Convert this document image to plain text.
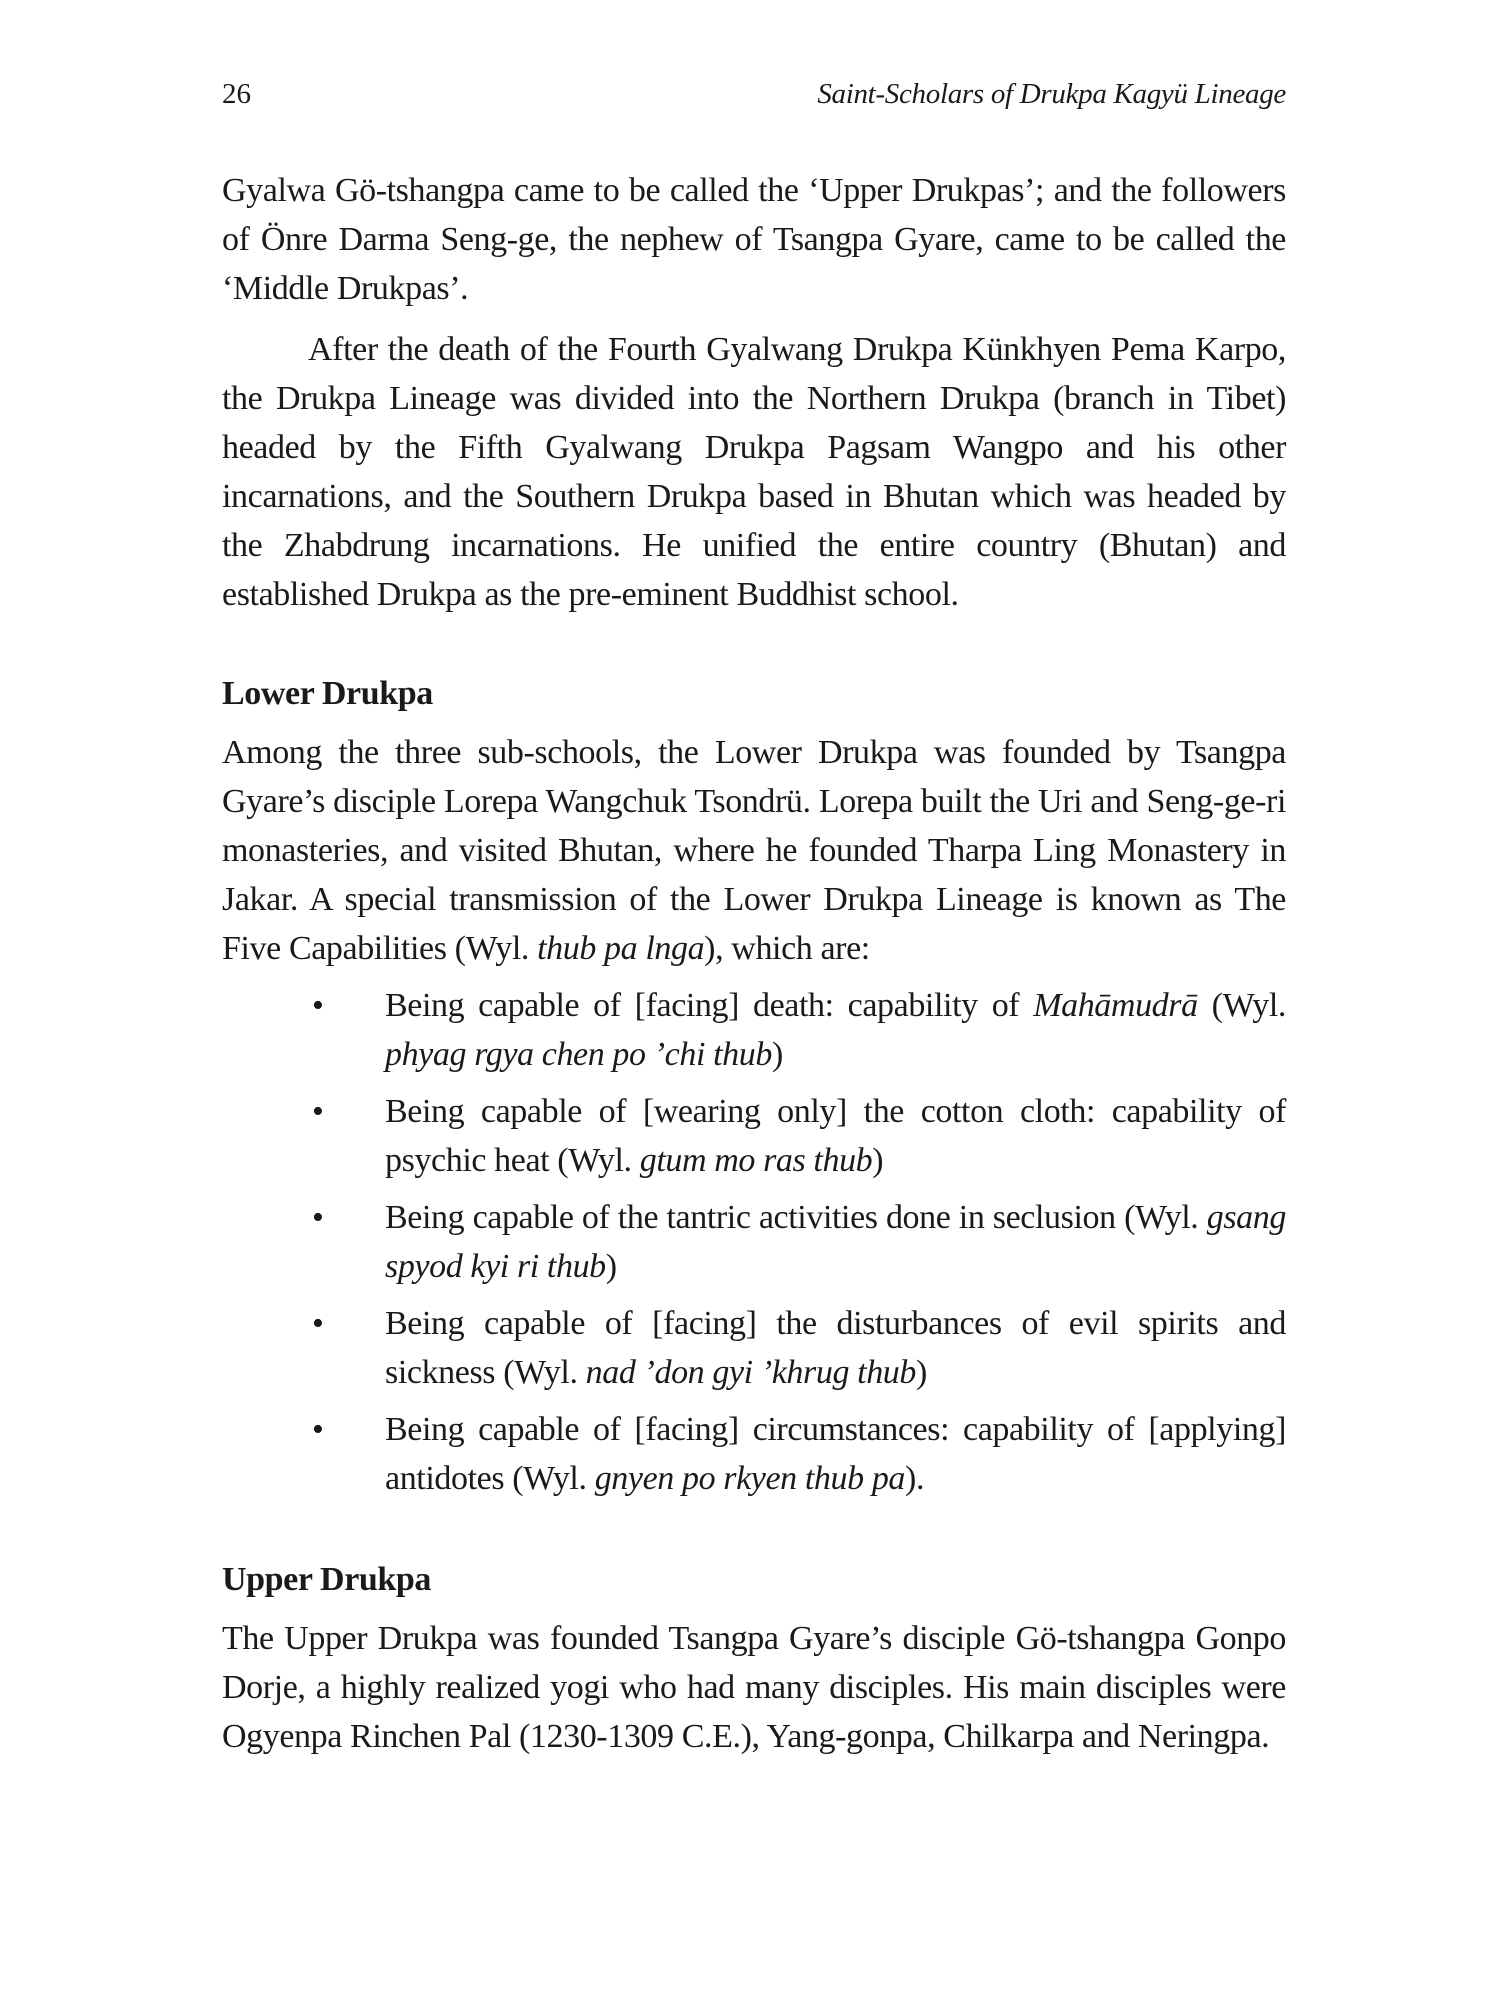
26	Saint-Scholars of Drukpa Kagyü Lineage

Gyalwa Gö-tshangpa came to be called the ‘Upper Drukpas’; and the followers of Önre Darma Seng-ge, the nephew of Tsangpa Gyare, came to be called the ‘Middle Drukpas’.

After the death of the Fourth Gyalwang Drukpa Künkhyen Pema Karpo, the Drukpa Lineage was divided into the Northern Drukpa (branch in Tibet) headed by the Fifth Gyalwang Drukpa Pagsam Wangpo and his other incarnations, and the Southern Drukpa based in Bhutan which was headed by the Zhabdrung incarnations. He unified the entire country (Bhutan) and established Drukpa as the pre-eminent Buddhist school.

Lower Drukpa

Among the three sub-schools, the Lower Drukpa was founded by Tsangpa Gyare’s disciple Lorepa Wangchuk Tsondrü. Lorepa built the Uri and Seng-ge-ri monasteries, and visited Bhutan, where he founded Tharpa Ling Monastery in Jakar. A special transmission of the Lower Drukpa Lineage is known as The Five Capabilities (Wyl. thub pa lnga), which are:

• Being capable of [facing] death: capability of Mahāmudrā (Wyl. phyag rgya chen po ’chi thub)
• Being capable of [wearing only] the cotton cloth: capability of psychic heat (Wyl. gtum mo ras thub)
• Being capable of the tantric activities done in seclusion (Wyl. gsang spyod kyi ri thub)
• Being capable of [facing] the disturbances of evil spirits and sickness (Wyl. nad ’don gyi ’khrug thub)
• Being capable of [facing] circumstances: capability of [applying] antidotes (Wyl. gnyen po rkyen thub pa).
Upper Drukpa

The Upper Drukpa was founded Tsangpa Gyare’s disciple Gö-tshangpa Gonpo Dorje, a highly realized yogi who had many disciples. His main disciples were Ogyenpa Rinchen Pal (1230-1309 C.E.), Yang-gonpa, Chilkarpa and Neringpa.
